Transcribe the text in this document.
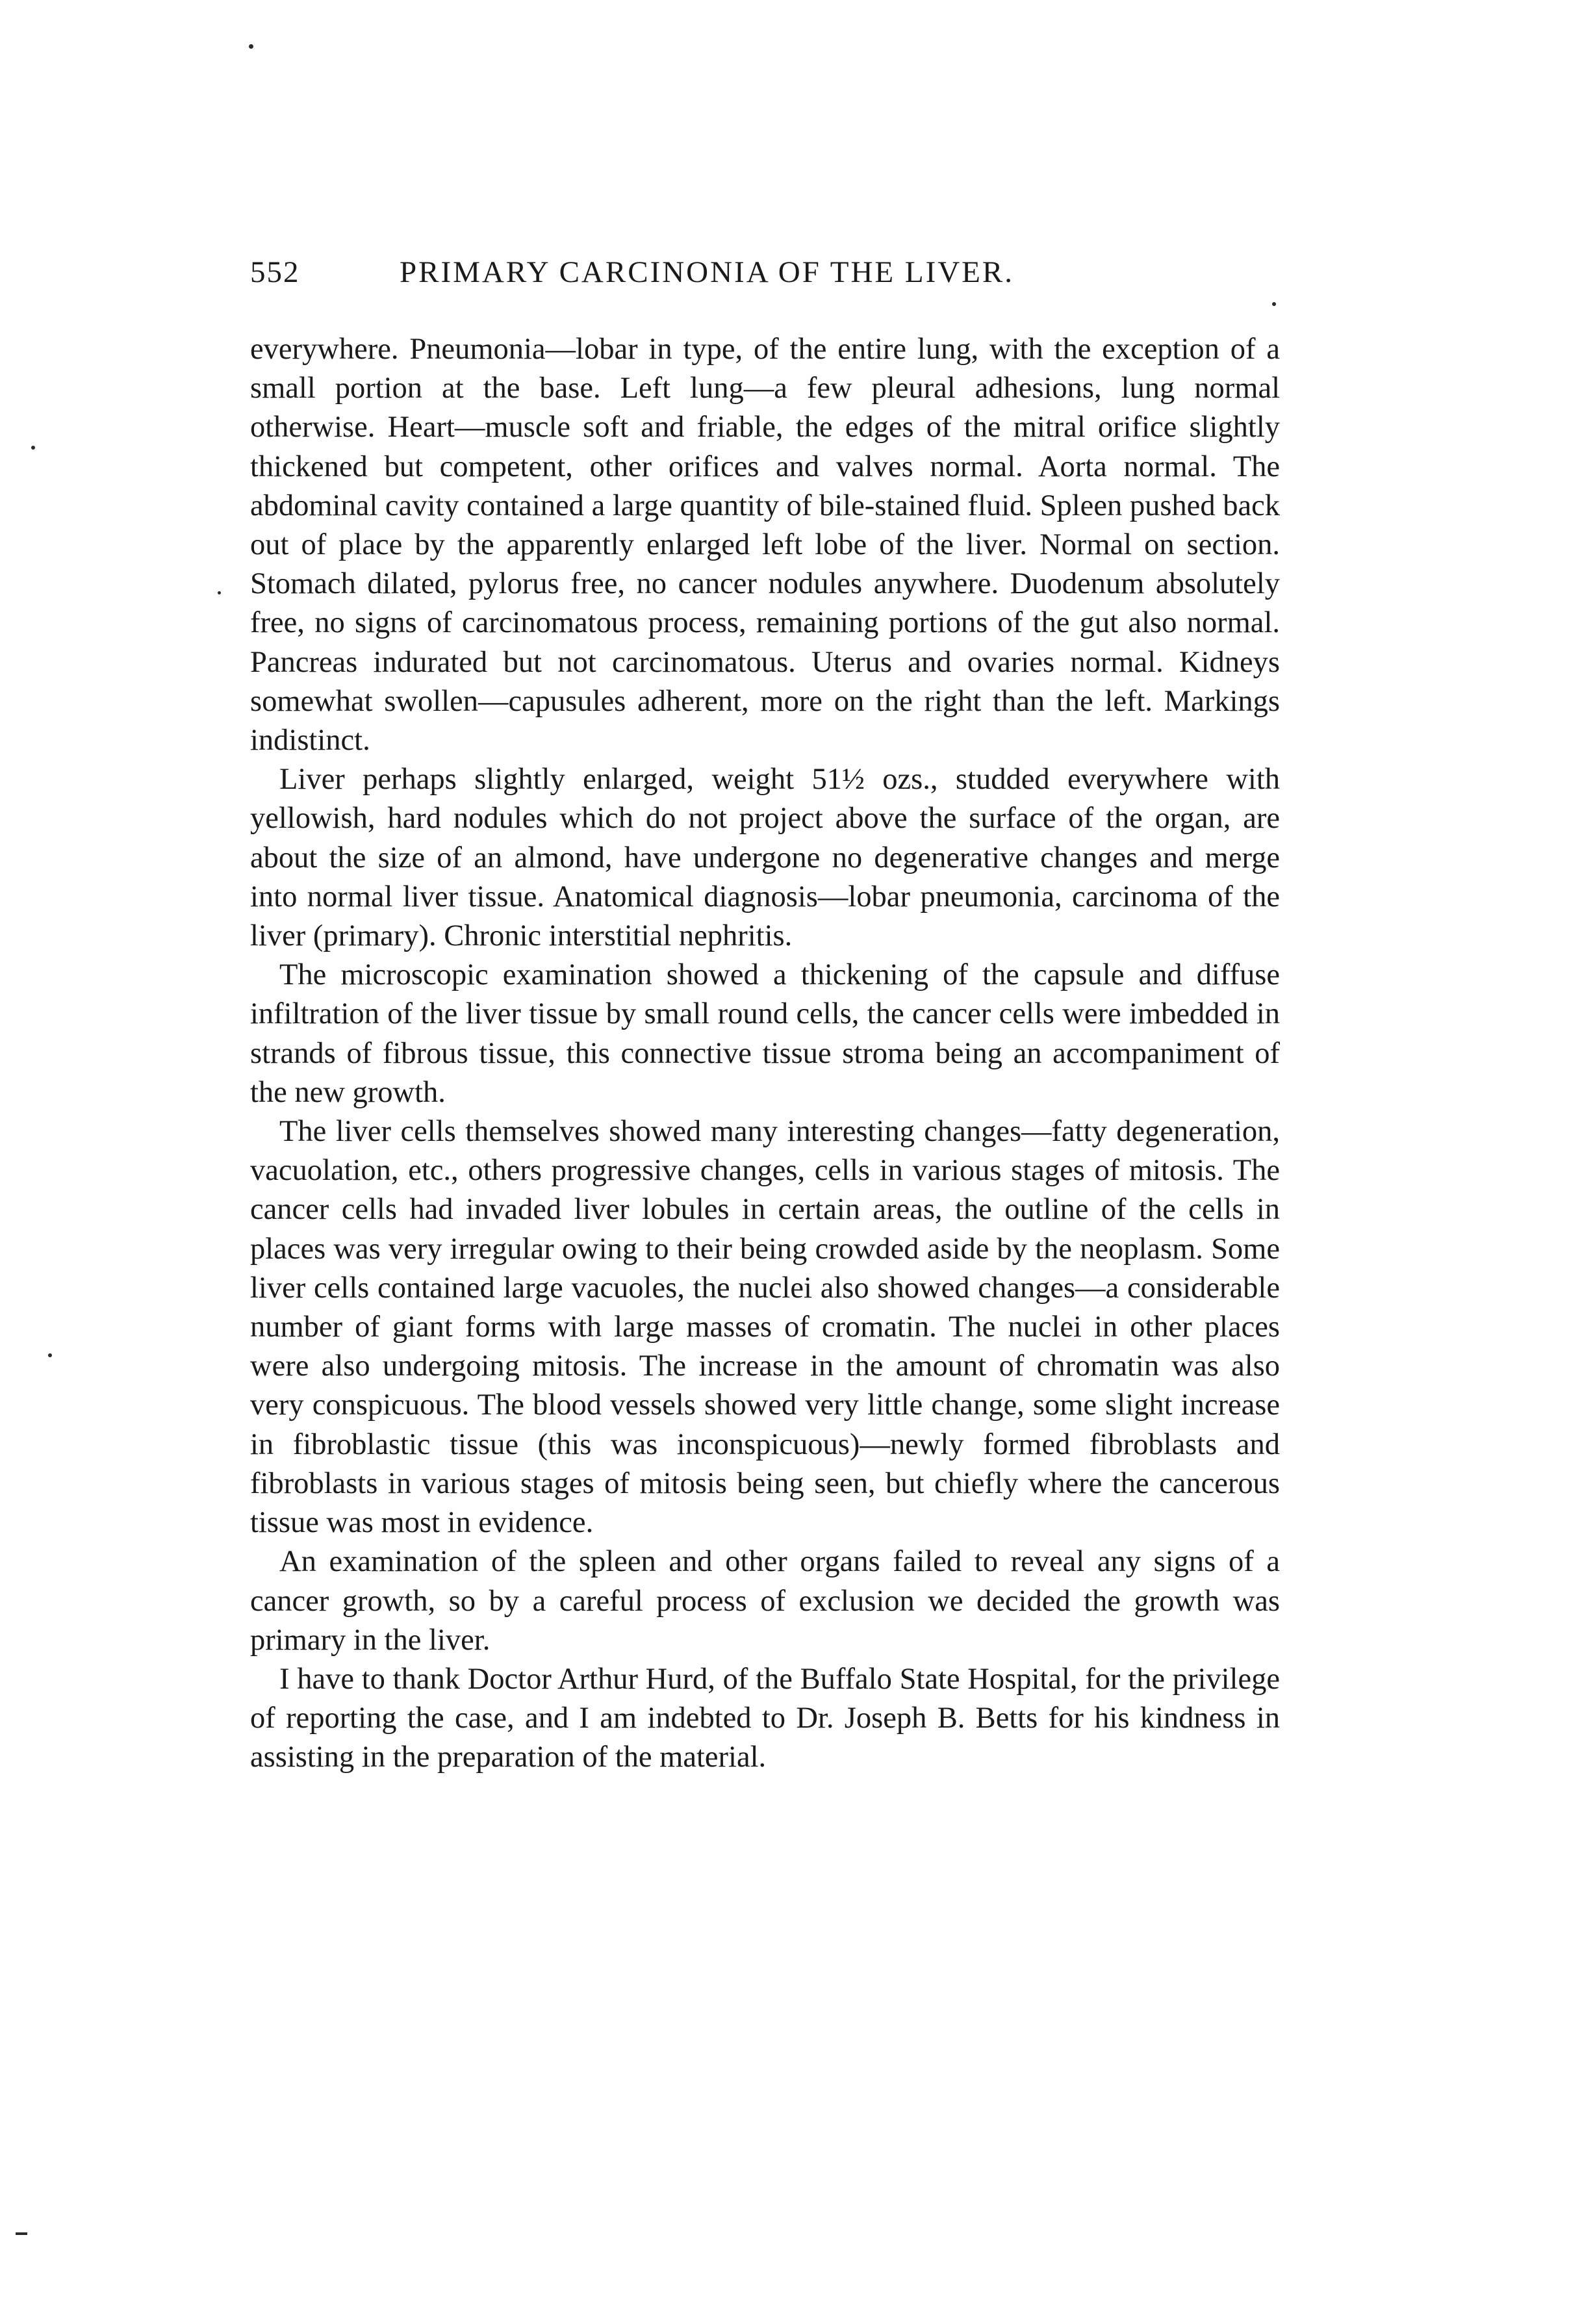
552	PRIMARY CARCINONIA OF THE LIVER.

everywhere. Pneumonia—lobar in type, of the entire lung, with the exception of a small portion at the base. Left lung—a few pleural adhesions, lung normal otherwise. Heart—muscle soft and friable, the edges of the mitral orifice slightly thickened but competent, other orifices and valves normal. Aorta normal. The abdominal cavity contained a large quantity of bile-stained fluid. Spleen pushed back out of place by the apparently enlarged left lobe of the liver. Normal on section. Stomach dilated, pylorus free, no cancer nodules anywhere. Duodenum absolutely free, no signs of carcinomatous process, remaining portions of the gut also normal. Pancreas indurated but not carcinomatous. Uterus and ovaries normal. Kidneys somewhat swollen—capusules adherent, more on the right than the left. Markings indistinct.

Liver perhaps slightly enlarged, weight 51½ ozs., studded everywhere with yellowish, hard nodules which do not project above the surface of the organ, are about the size of an almond, have undergone no degenerative changes and merge into normal liver tissue. Anatomical diagnosis—lobar pneumonia, carcinoma of the liver (primary). Chronic interstitial nephritis.

The microscopic examination showed a thickening of the capsule and diffuse infiltration of the liver tissue by small round cells, the cancer cells were imbedded in strands of fibrous tissue, this connective tissue stroma being an accompaniment of the new growth.

The liver cells themselves showed many interesting changes—fatty degeneration, vacuolation, etc., others progressive changes, cells in various stages of mitosis. The cancer cells had invaded liver lobules in certain areas, the outline of the cells in places was very irregular owing to their being crowded aside by the neoplasm. Some liver cells contained large vacuoles, the nuclei also showed changes—a considerable number of giant forms with large masses of cromatin. The nuclei in other places were also undergoing mitosis. The increase in the amount of chromatin was also very conspicuous. The blood vessels showed very little change, some slight increase in fibroblastic tissue (this was inconspicuous)—newly formed fibroblasts and fibroblasts in various stages of mitosis being seen, but chiefly where the cancerous tissue was most in evidence.

An examination of the spleen and other organs failed to reveal any signs of a cancer growth, so by a careful process of exclusion we decided the growth was primary in the liver.

I have to thank Doctor Arthur Hurd, of the Buffalo State Hospital, for the privilege of reporting the case, and I am indebted to Dr. Joseph B. Betts for his kindness in assisting in the preparation of the material.
